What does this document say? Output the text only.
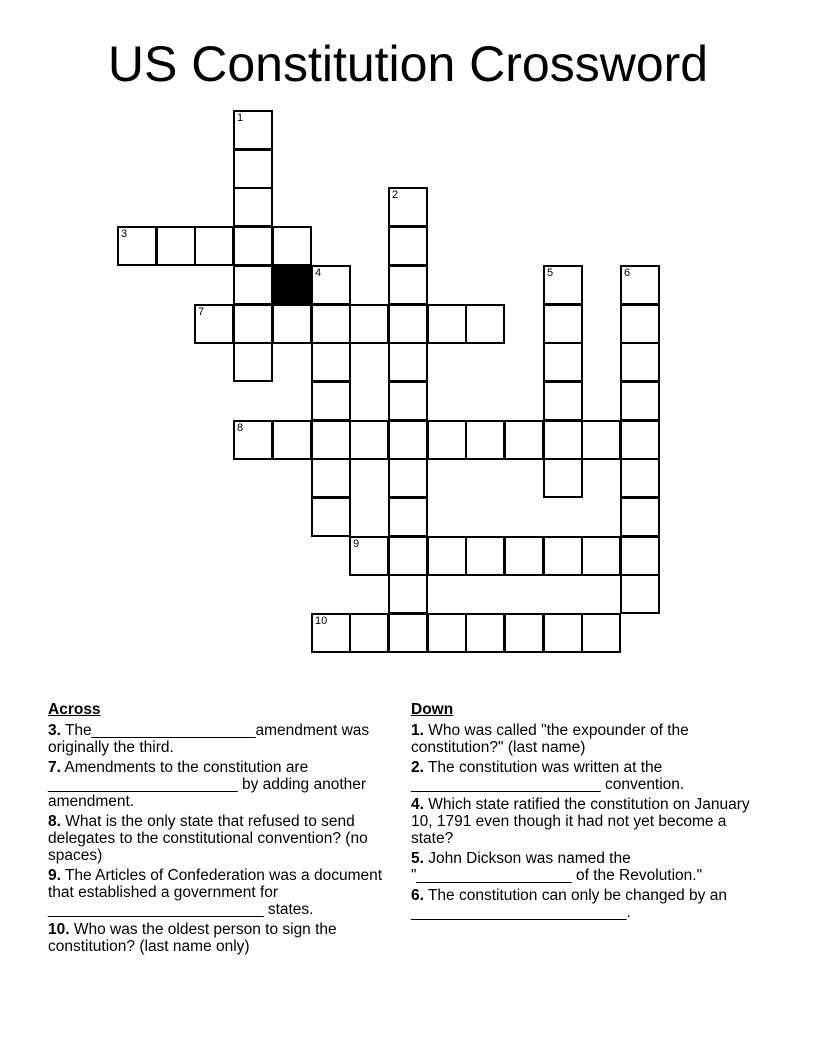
US Constitution Crossword
1
2
3
4	5	6
7
8
9
10
Across
3. The___________________amendment was originally the third.
7. Amendments to the constitution are ______________________ by adding another amendment.
8. What is the only state that refused to send delegates to the constitutional convention? (no spaces)
9. The Articles of Confederation was a document that established a government for _________________________ states.
10. Who was the oldest person to sign the constitution? (last name only)
Down
1. Who was called "the expounder of the constitution?" (last name)
2. The constitution was written at the ______________________ convention.
4. Which state ratified the constitution on January 10, 1791 even though it had not yet become a state?
5. John Dickson was named the "__________________ of the Revolution."
6. The constitution can only be changed by an _________________________.
